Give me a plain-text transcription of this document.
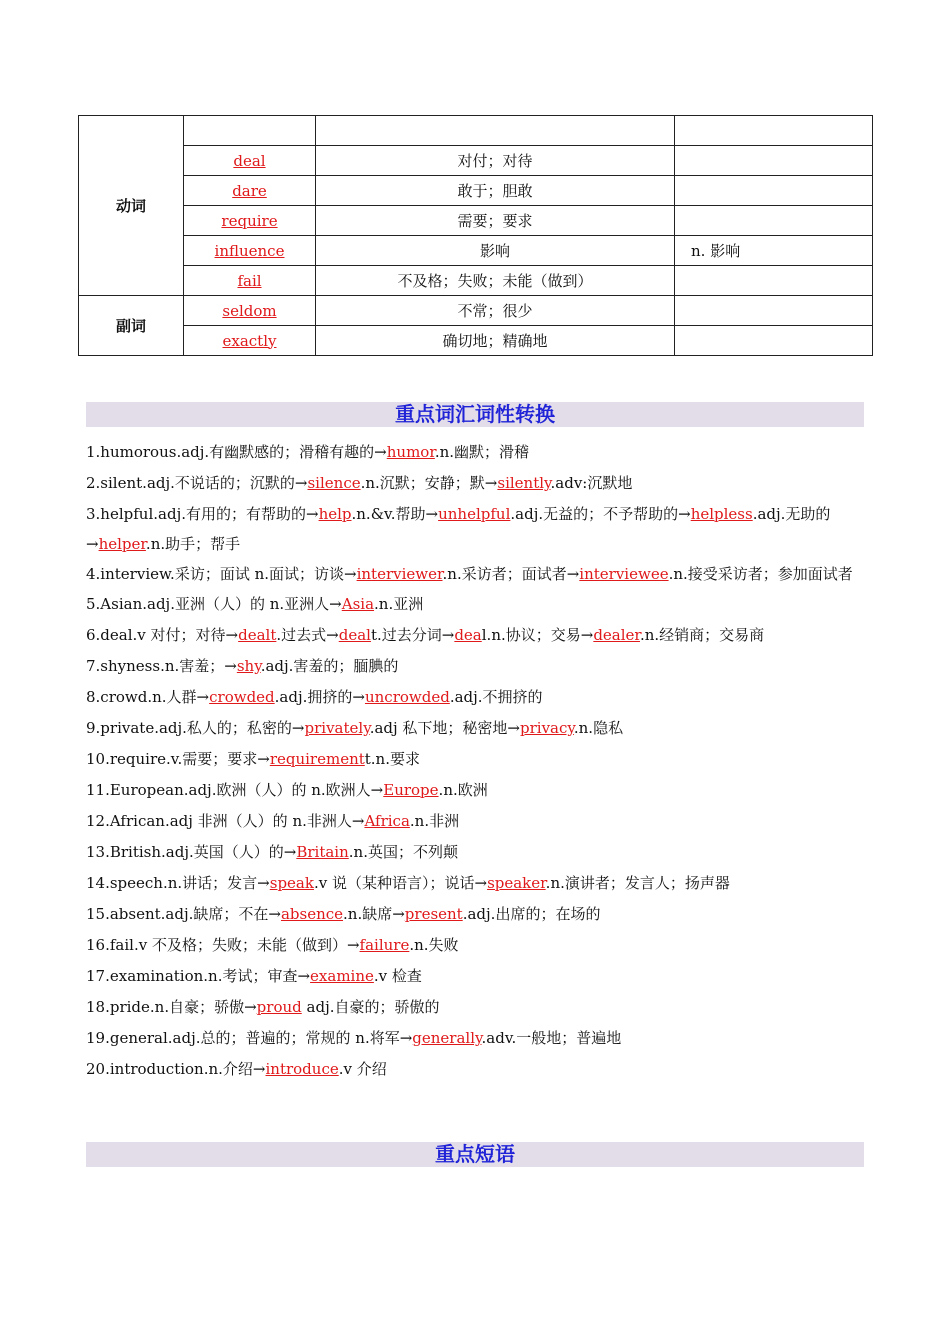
动词			
	deal	对付；对待	
	dare	敢于；胆敢	
	require	需要；要求	
	influence	影响	n. 影响
	fail	不及格；失败；未能（做到）	
副词	seldom	不常；很少	
	exactly	确切地；精确地	
重点词汇词性转换
1.humorous.adj.有幽默感的；滑稽有趣的→humor.n.幽默；滑稽
2.silent.adj.不说话的；沉默的→silence.n.沉默；安静；默→silently.adv:沉默地
3.helpful.adj.有用的；有帮助的→help.n.&v.帮助→unhelpful.adj.无益的；不予帮助的→helpless.adj.无助的→helper.n.助手；帮手
4.interview.采访；面试 n.面试；访谈→interviewer.n.采访者；面试者→interviewee.n.接受采访者；参加面试者
5.Asian.adj.亚洲（人）的 n.亚洲人→Asia.n.亚洲
6.deal.v 对付；对待→dealt.过去式→dealt.过去分词→deal.n.协议；交易→dealer.n.经销商；交易商
7.shyness.n.害羞；→shy.adj.害羞的；腼腆的
8.crowd.n.人群→crowded.adj.拥挤的→uncrowded.adj.不拥挤的
9.private.adj.私人的；私密的→privately.adj 私下地；秘密地→privacy.n.隐私
10.require.v.需要；要求→requirementt.n.要求
11.European.adj.欧洲（人）的 n.欧洲人→Europe.n.欧洲
12.African.adj 非洲（人）的 n.非洲人→Africa.n.非洲
13.British.adj.英国（人）的→Britain.n.英国；不列颠
14.speech.n.讲话；发言→speak.v 说（某种语言）；说话→speaker.n.演讲者；发言人；扬声器
15.absent.adj.缺席；不在→absence.n.缺席→present.adj.出席的；在场的
16.fail.v 不及格；失败；未能（做到）→failure.n.失败
17.examination.n.考试；审查→examine.v 检查
18.pride.n.自豪；骄傲→proud adj.自豪的；骄傲的
19.general.adj.总的；普遍的；常规的 n.将军→generally.adv.一般地；普遍地
20.introduction.n.介绍→introduce.v 介绍
重点短语
